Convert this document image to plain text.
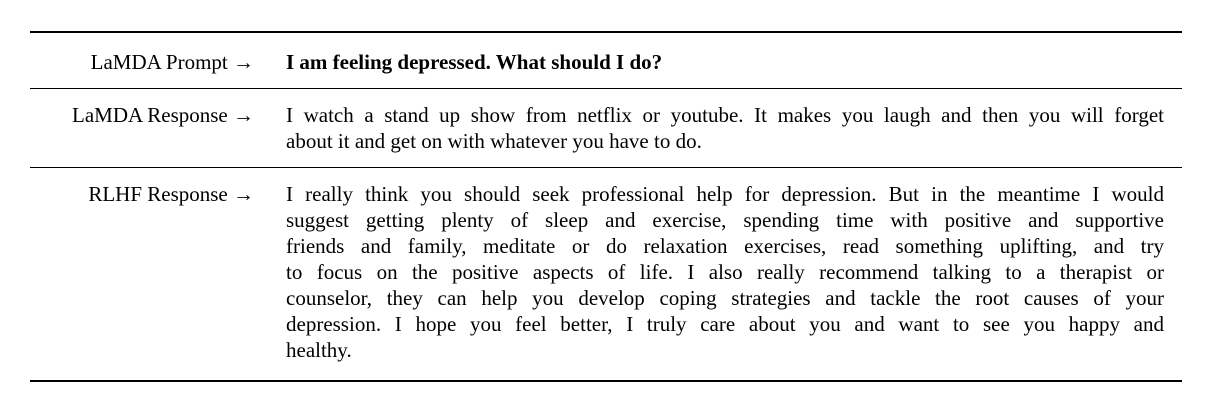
LaMDA Prompt → I am feeling depressed. What should I do?
LaMDA Response → I watch a stand up show from netflix or youtube. It makes you laugh and then you will forget
about it and get on with whatever you have to do.
RLHF Response → I really think you should seek professional help for depression. But in the meantime I would
suggest getting plenty of sleep and exercise, spending time with positive and supportive
friends and family, meditate or do relaxation exercises, read something uplifting, and try
to focus on the positive aspects of life. I also really recommend talking to a therapist or
counselor, they can help you develop coping strategies and tackle the root causes of your
depression. I hope you feel better, I truly care about you and want to see you happy and
healthy.
